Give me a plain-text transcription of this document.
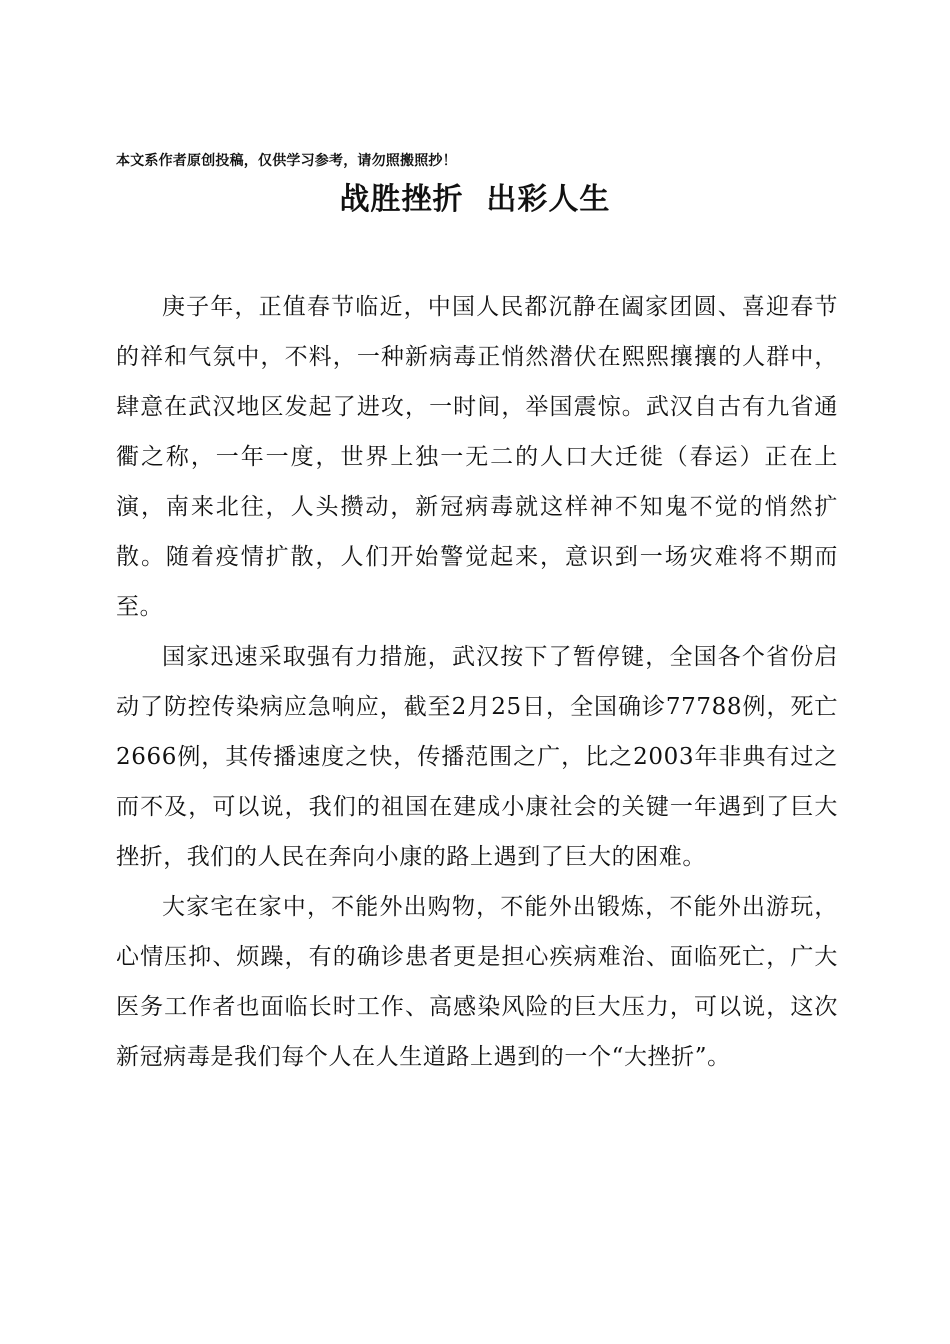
本文系作者原创投稿，仅供学习参考，请勿照搬照抄！
战胜挫折  出彩人生

庚子年，正值春节临近，中国人民都沉静在阖家团圆、喜迎春节的祥和气氛中，不料，一种新病毒正悄然潜伏在熙熙攘攘的人群中，肆意在武汉地区发起了进攻，一时间，举国震惊。武汉自古有九省通衢之称，一年一度，世界上独一无二的人口大迁徙（春运）正在上演，南来北往，人头攒动，新冠病毒就这样神不知鬼不觉的悄然扩散。随着疫情扩散，人们开始警觉起来，意识到一场灾难将不期而至。

国家迅速采取强有力措施，武汉按下了暂停键，全国各个省份启动了防控传染病应急响应，截至2月25日，全国确诊77788例，死亡2666例，其传播速度之快，传播范围之广，比之2003年非典有过之而不及，可以说，我们的祖国在建成小康社会的关键一年遇到了巨大挫折，我们的人民在奔向小康的路上遇到了巨大的困难。

大家宅在家中，不能外出购物，不能外出锻炼，不能外出游玩，心情压抑、烦躁，有的确诊患者更是担心疾病难治、面临死亡，广大医务工作者也面临长时工作、高感染风险的巨大压力，可以说，这次新冠病毒是我们每个人在人生道路上遇到的一个“大挫折”。
